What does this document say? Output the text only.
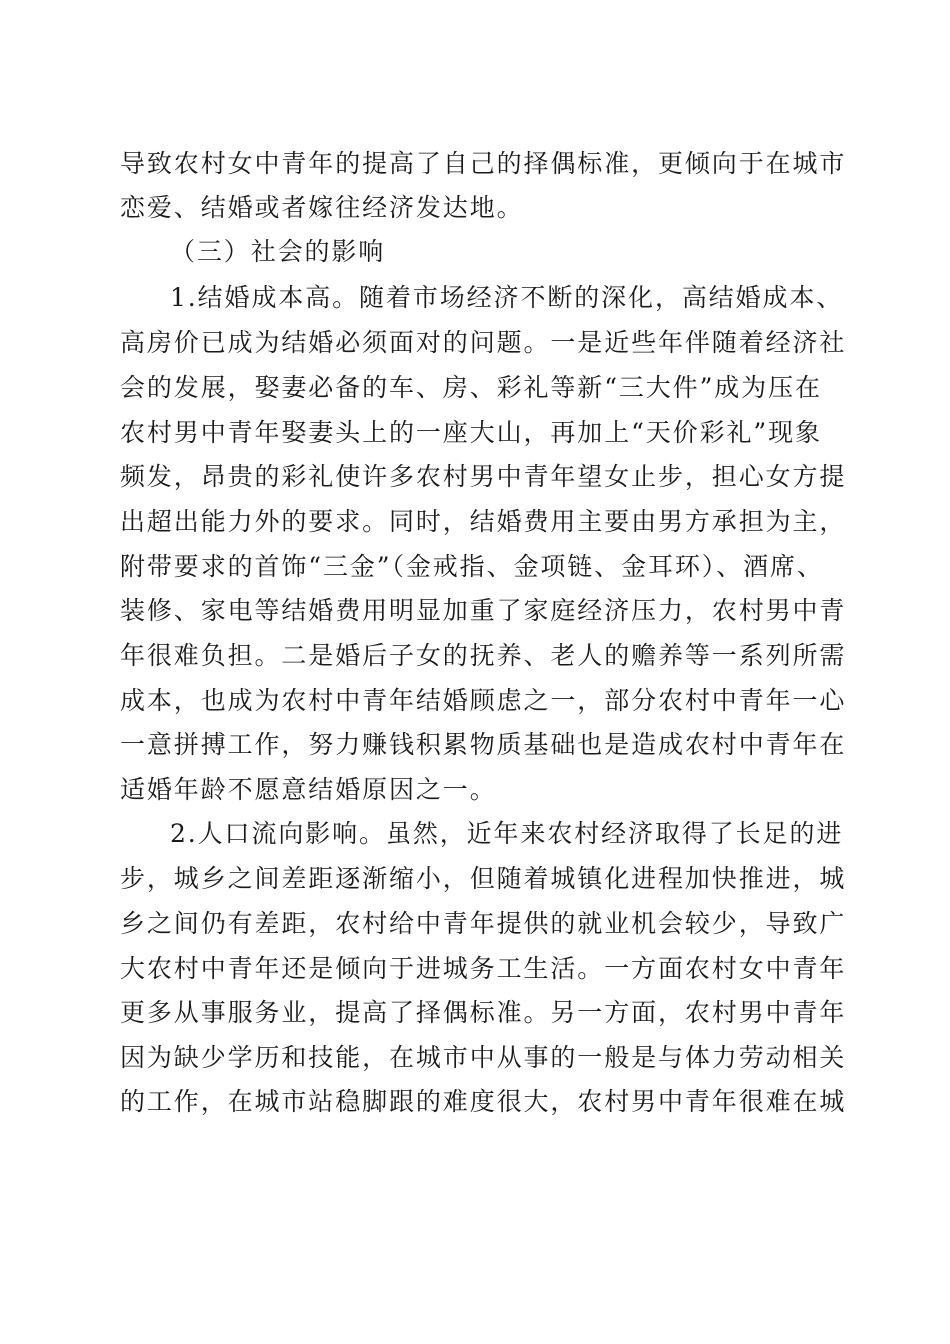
导致农村女中青年的提高了自己的择偶标准，更倾向于在城市
恋爱、结婚或者嫁往经济发达地。
（三）社会的影响
1.结婚成本高。随着市场经济不断的深化，高结婚成本、
高房价已成为结婚必须面对的问题。一是近些年伴随着经济社
会的发展，娶妻必备的车、房、彩礼等新“三大件”成为压在
农村男中青年娶妻头上的一座大山，再加上“天价彩礼”现象
频发，昂贵的彩礼使许多农村男中青年望女止步，担心女方提
出超出能力外的要求。同时，结婚费用主要由男方承担为主，
附带要求的首饰“三金”（金戒指、金项链、金耳环）、酒席、
装修、家电等结婚费用明显加重了家庭经济压力，农村男中青
年很难负担。二是婚后子女的抚养、老人的赡养等一系列所需
成本，也成为农村中青年结婚顾虑之一，部分农村中青年一心
一意拼搏工作，努力赚钱积累物质基础也是造成农村中青年在
适婚年龄不愿意结婚原因之一。
2.人口流向影响。虽然，近年来农村经济取得了长足的进
步，城乡之间差距逐渐缩小，但随着城镇化进程加快推进，城
乡之间仍有差距，农村给中青年提供的就业机会较少，导致广
大农村中青年还是倾向于进城务工生活。一方面农村女中青年
更多从事服务业，提高了择偶标准。另一方面，农村男中青年
因为缺少学历和技能，在城市中从事的一般是与体力劳动相关
的工作，在城市站稳脚跟的难度很大，农村男中青年很难在城
